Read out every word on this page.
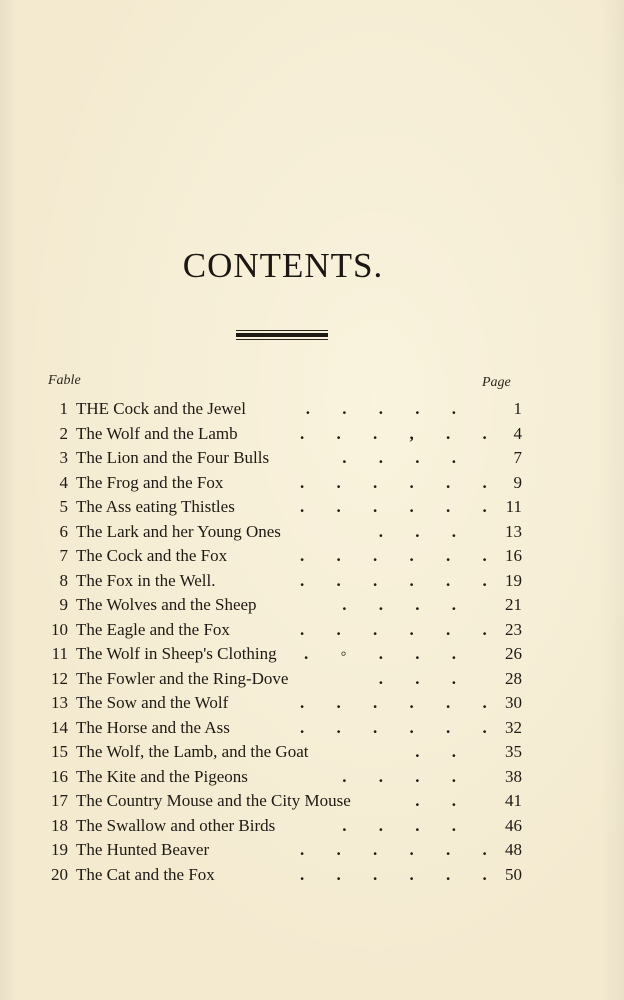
CONTENTS.
Fable	Page
1 THE Cock and the Jewel	. . . . .	1
2 The Wolf and the Lamb	. . . , . . 4
3 The Lion and the Four Bulls	. . . .	7
4 The Frog and the Fox	. . . . . . 9
5 The Ass eating Thistles	. . . . . . 11
6 The Lark and her Young Ones	. . .	13
7 The Cock and the Fox	. . . . . . 16
8 The Fox in the Well.	. . . . . . 19
9 The Wolves and the Sheep	. . . .	21
10 The Eagle and the Fox	. . . . . . 23
11 The Wolf in Sheep's Clothing . ◦ . . .	26
12 The Fowler and the Ring-Dove	. . .	28
13 The Sow and the Wolf	. . . . . . 30
14 The Horse and the Ass	. . . . . . 32
15 The Wolf, the Lamb, and the Goat	. .	35
16 The Kite and the Pigeons	. . . .	38
17 The Country Mouse and the City Mouse	. .	41
18 The Swallow and other Birds	. . . .	46
19 The Hunted Beaver	. . . . . . 48
20 The Cat and the Fox	. . . . . . 50
